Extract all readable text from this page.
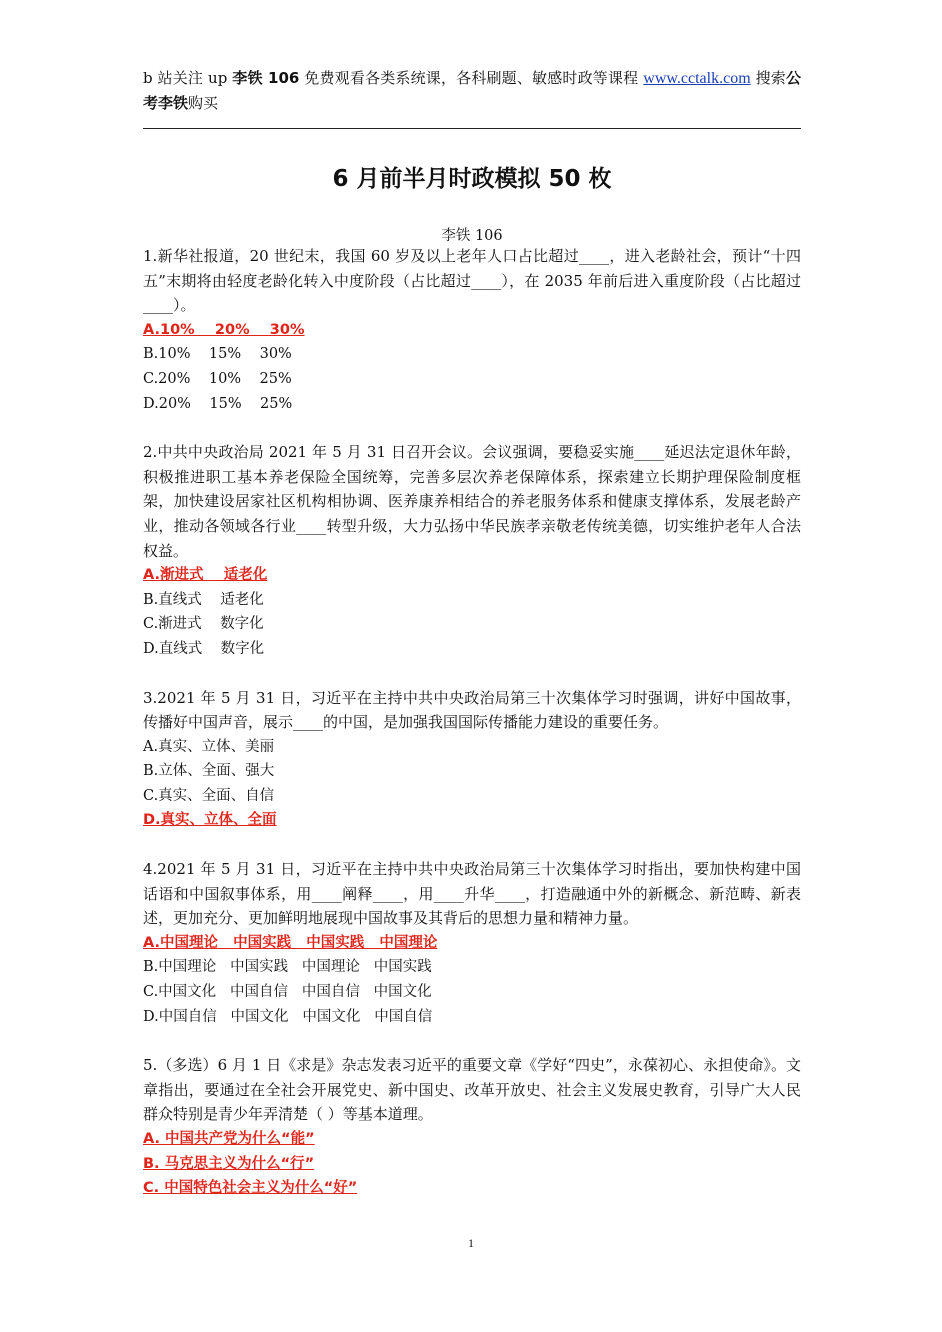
b 站关注 up 李铁 106 免费观看各类系统课，各科刷题、敏感时政等课程 www.cctalk.com 搜索公考李铁购买
6 月前半月时政模拟 50 枚
李铁 106

1.新华社报道，20 世纪末，我国 60 岁及以上老年人口占比超过____，进入老龄社会，预计“十四五”末期将由轻度老龄化转入中度阶段（占比超过____），在 2035 年前后进入重度阶段（占比超过____）。

A.10%    20%    30%

B.10%    15%    30%

C.20%    10%    25%

D.20%    15%    25%

2.中共中央政治局 2021 年 5 月 31 日召开会议。会议强调，要稳妥实施____延迟法定退休年龄，积极推进职工基本养老保险全国统筹，完善多层次养老保障体系，探索建立长期护理保险制度框架，加快建设居家社区机构相协调、医养康养相结合的养老服务体系和健康支撑体系，发展老龄产业，推动各领域各行业____转型升级，大力弘扬中华民族孝亲敬老传统美德，切实维护老年人合法权益。

A.渐进式    适老化

B.直线式    适老化

C.渐进式    数字化

D.直线式    数字化

3.2021 年 5 月 31 日，习近平在主持中共中央政治局第三十次集体学习时强调，讲好中国故事，传播好中国声音，展示____的中国，是加强我国国际传播能力建设的重要任务。

A.真实、立体、美丽

B.立体、全面、强大

C.真实、全面、自信

D.真实、立体、全面

4.2021 年 5 月 31 日，习近平在主持中共中央政治局第三十次集体学习时指出，要加快构建中国话语和中国叙事体系，用____阐释____，用____升华____，打造融通中外的新概念、新范畴、新表述，更加充分、更加鲜明地展现中国故事及其背后的思想力量和精神力量。

A.中国理论   中国实践   中国实践   中国理论

B.中国理论   中国实践   中国理论   中国实践

C.中国文化   中国自信   中国自信   中国文化

D.中国自信   中国文化   中国文化   中国自信

5.（多选）6 月 1 日《求是》杂志发表习近平的重要文章《学好“四史”，永葆初心、永担使命》。文章指出，要通过在全社会开展党史、新中国史、改革开放史、社会主义发展史教育，引导广大人民群众特别是青少年弄清楚（ ）等基本道理。

A. 中国共产党为什么“能”

B. 马克思主义为什么“行”

C. 中国特色社会主义为什么“好”

1
